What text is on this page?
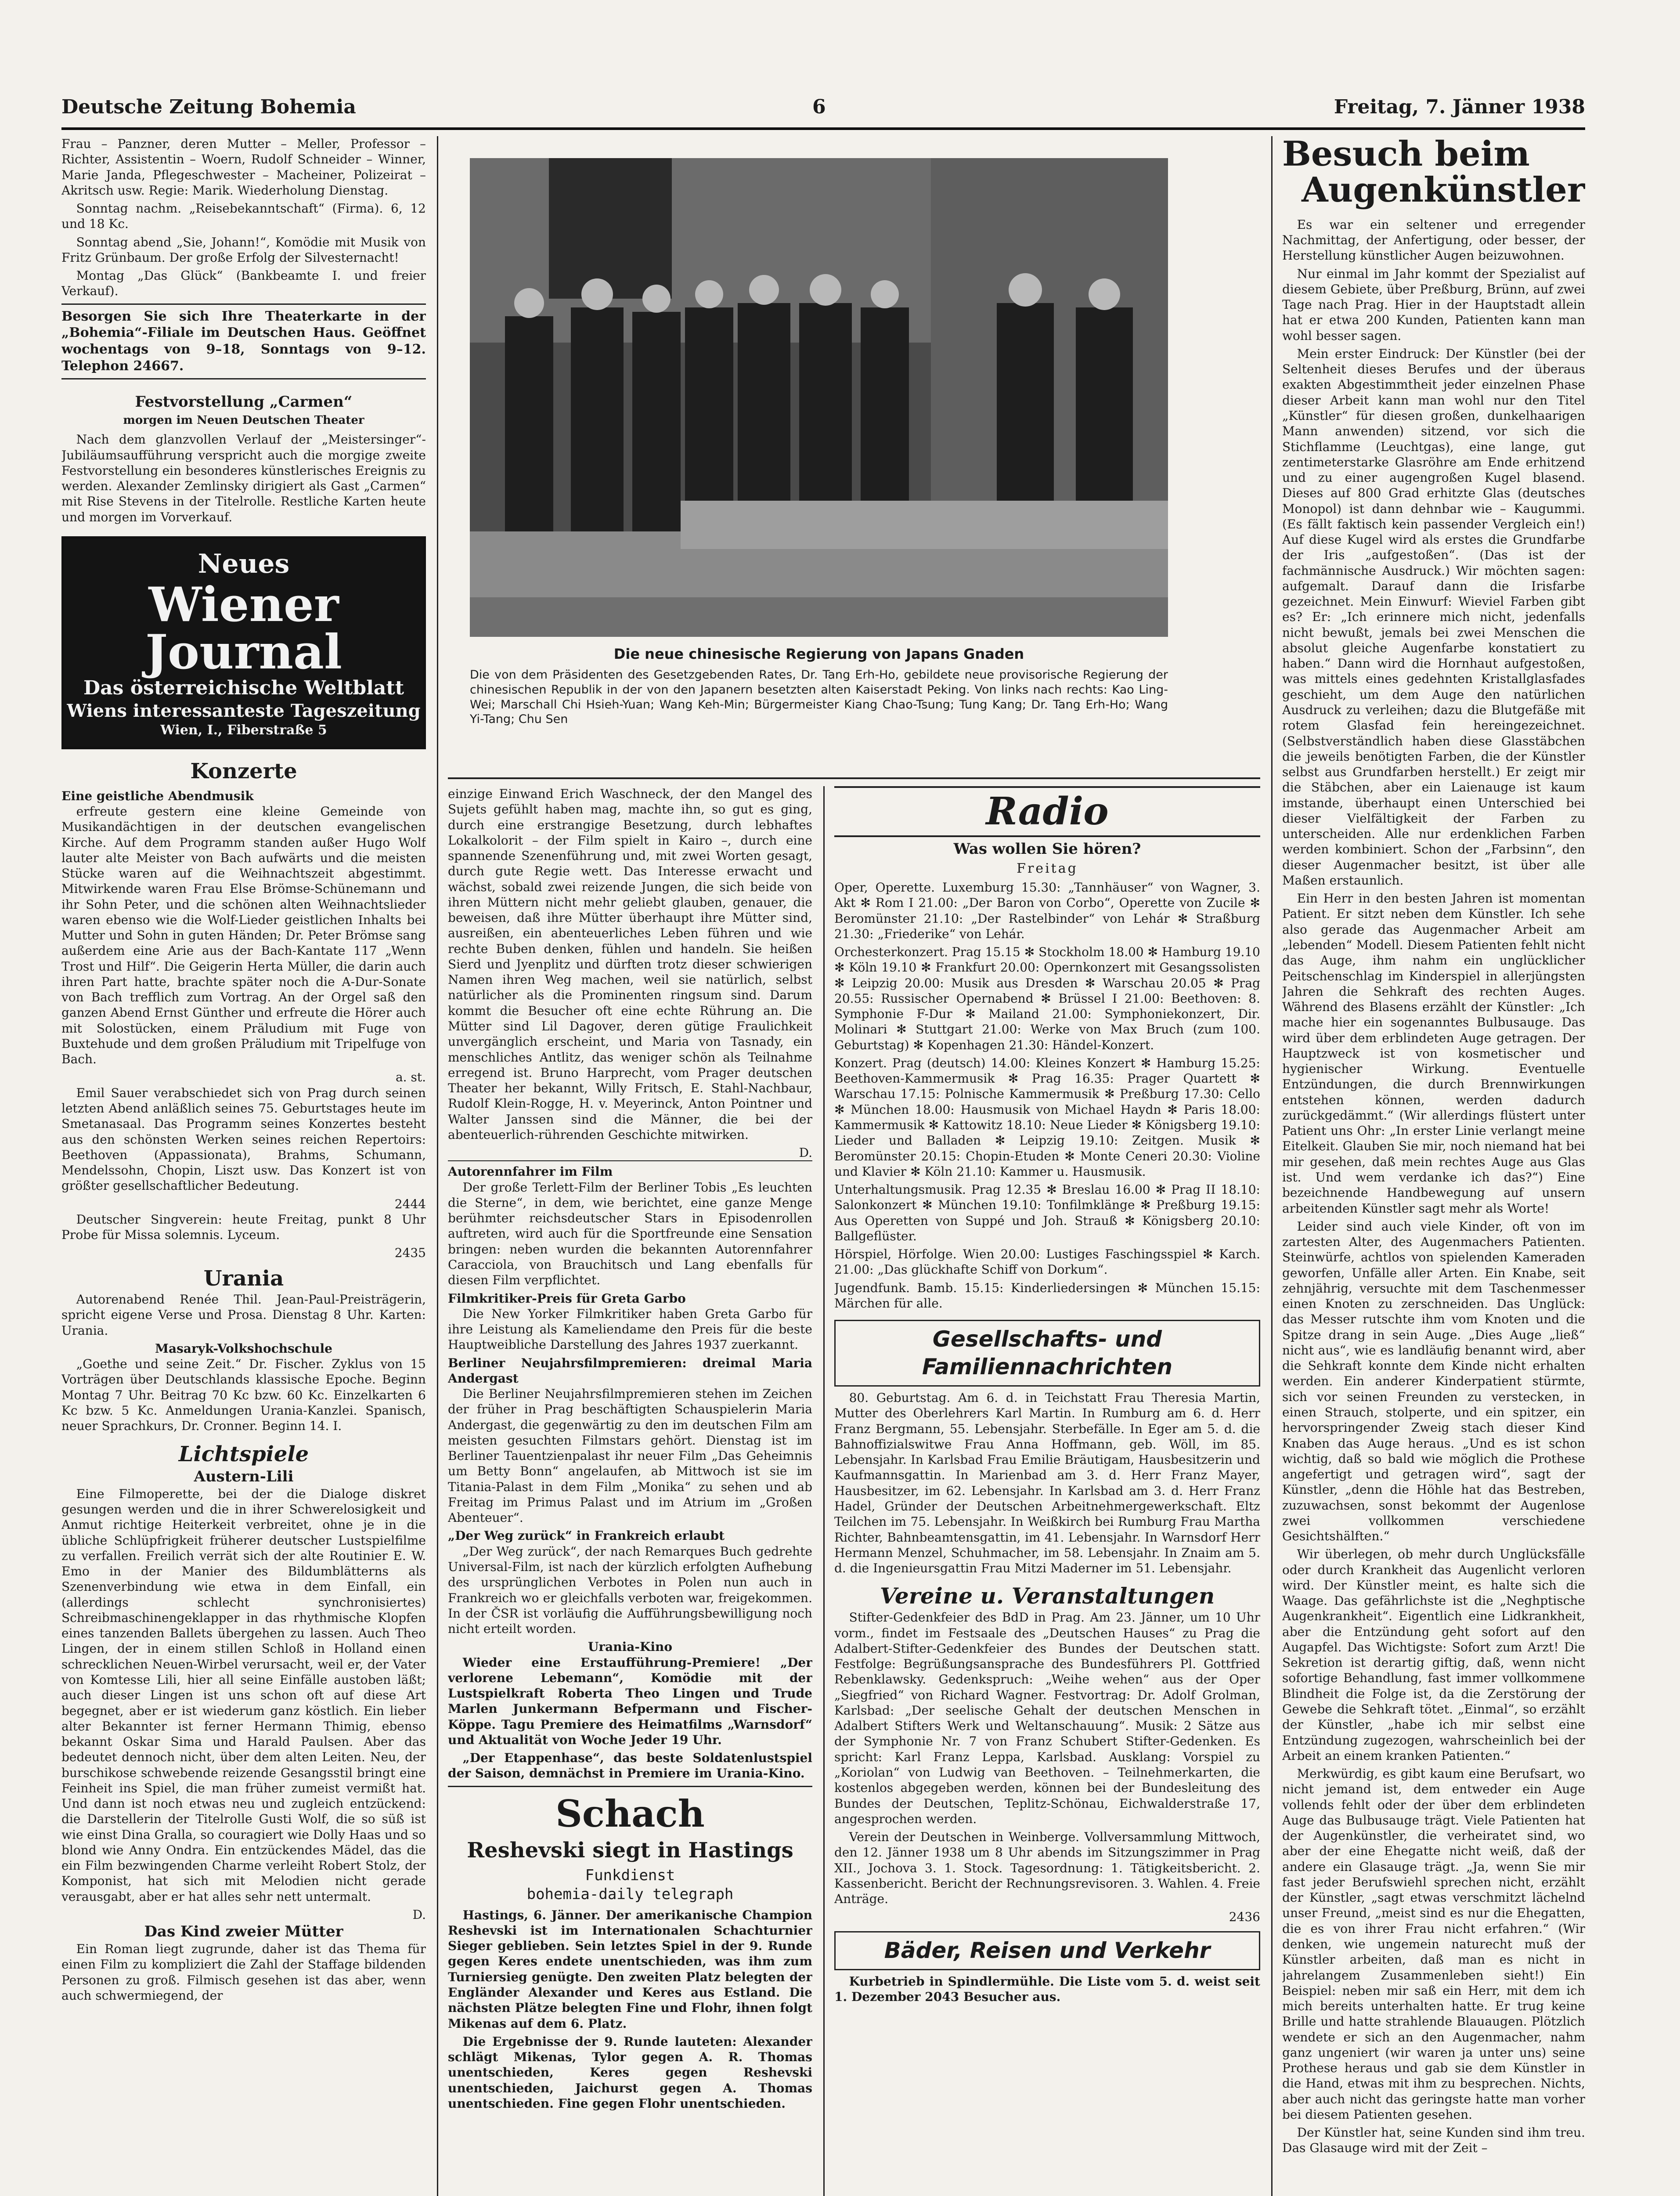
Deutsche Zeitung Bohemia	6	Freitag, 7. Jänner 1938

Frau – Panzner, deren Mutter – Meller, Professor – Richter, Assistentin – Woern, Rudolf Schneider – Winner, Marie Janda, Pflegeschwester – Macheiner, Polizeirat – Akritsch usw. Regie: Marik. Wiederholung Dienstag.

Sonntag nachm. „Reisebekanntschaft“ (Firma). 6, 12 und 18 Kc.

Sonntag abend „Sie, Johann!“, Komödie mit Musik von Fritz Grünbaum. Der große Erfolg der Silvesternacht!

Montag „Das Glück“ (Bankbeamte I. und freier Verkauf).

Besorgen Sie sich Ihre Theaterkarte in der „Bohemia“-Filiale im Deutschen Haus. Geöffnet wochentags von 9–18, Sonntags von 9–12. Telephon 24667.
Festvorstellung „Carmen“
morgen im Neuen Deutschen Theater

Nach dem glanzvollen Verlauf der „Meistersinger“-Jubiläumsaufführung verspricht auch die morgige zweite Festvorstellung ein besonderes künstlerisches Ereignis zu werden. Alexander Zemlinsky dirigiert als Gast „Carmen“ mit Rise Stevens in der Titelrolle. Restliche Karten heute und morgen im Vorverkauf.

Neues
Wiener Journal
Das österreichische Weltblatt
Wiens interessanteste Tageszeitung
Wien, I., Fiberstraße 5
Konzerte
Eine geistliche Abendmusik

erfreute gestern eine kleine Gemeinde von Musikandächtigen in der deutschen evangelischen Kirche. Auf dem Programm standen außer Hugo Wolf lauter alte Meister von Bach aufwärts und die meisten Stücke waren auf die Weihnachtszeit abgestimmt. Mitwirkende waren Frau Else Brömse-Schünemann und ihr Sohn Peter, und die schönen alten Weihnachtslieder waren ebenso wie die Wolf-Lieder geistlichen Inhalts bei Mutter und Sohn in guten Händen; Dr. Peter Brömse sang außerdem eine Arie aus der Bach-Kantate 117 „Wenn Trost und Hilf“. Die Geigerin Herta Müller, die darin auch ihren Part hatte, brachte später noch die A-Dur-Sonate von Bach trefflich zum Vortrag. An der Orgel saß den ganzen Abend Ernst Günther und erfreute die Hörer auch mit Solostücken, einem Präludium mit Fuge von Buxtehude und dem großen Präludium mit Tripelfuge von Bach.

a. st.

Emil Sauer verabschiedet sich von Prag durch seinen letzten Abend anläßlich seines 75. Geburtstages heute im Smetanasaal. Das Programm seines Konzertes besteht aus den schönsten Werken seines reichen Repertoirs: Beethoven (Appassionata), Brahms, Schumann, Mendelssohn, Chopin, Liszt usw. Das Konzert ist von größter gesellschaftlicher Bedeutung.

2444

Deutscher Singverein: heute Freitag, punkt 8 Uhr Probe für Missa solemnis. Lyceum.

2435
Urania

Autorenabend Renée Thil. Jean-Paul-Preisträgerin, spricht eigene Verse und Prosa. Dienstag 8 Uhr. Karten: Urania.

Masaryk-Volkshochschule

„Goethe und seine Zeit.“ Dr. Fischer. Zyklus von 15 Vorträgen über Deutschlands klassische Epoche. Beginn Montag 7 Uhr. Beitrag 70 Kc bzw. 60 Kc. Einzelkarten 6 Kc bzw. 5 Kc. Anmeldungen Urania-Kanzlei. Spanisch, neuer Sprachkurs, Dr. Cronner. Beginn 14. I.

Lichtspiele
Austern-Lili

Eine Filmoperette, bei der die Dialoge diskret gesungen werden und die in ihrer Schwerelosigkeit und Anmut richtige Heiterkeit verbreitet, ohne je in die übliche Schlüpfrigkeit früherer deutscher Lustspielfilme zu verfallen. Freilich verrät sich der alte Routinier E. W. Emo in der Manier des Bildumblätterns als Szenenverbindung wie etwa in dem Einfall, ein (allerdings schlecht synchronisiertes) Schreibmaschinengeklapper in das rhythmische Klopfen eines tanzenden Ballets übergehen zu lassen. Auch Theo Lingen, der in einem stillen Schloß in Holland einen schrecklichen Neuen-Wirbel verursacht, weil er, der Vater von Komtesse Lili, hier all seine Einfälle austoben läßt; auch dieser Lingen ist uns schon oft auf diese Art begegnet, aber er ist wiederum ganz köstlich. Ein lieber alter Bekannter ist ferner Hermann Thimig, ebenso bekannt Oskar Sima und Harald Paulsen. Aber das bedeutet dennoch nicht, über dem alten Leiten. Neu, der burschikose schwebende reizende Gesangsstil bringt eine Feinheit ins Spiel, die man früher zumeist vermißt hat. Und dann ist noch etwas neu und zugleich entzückend: die Darstellerin der Titelrolle Gusti Wolf, die so süß ist wie einst Dina Gralla, so couragiert wie Dolly Haas und so blond wie Anny Ondra. Ein entzückendes Mädel, das die ein Film bezwingenden Charme verleiht Robert Stolz, der Komponist, hat sich mit Melodien nicht gerade verausgabt, aber er hat alles sehr nett untermalt.

D.
Das Kind zweier Mütter

Ein Roman liegt zugrunde, daher ist das Thema für einen Film zu kompliziert die Zahl der Staffage bildenden Personen zu groß. Filmisch gesehen ist das aber, wenn auch schwermiegend, der

Die neue chinesische Regierung von Japans Gnaden
Die von dem Präsidenten des Gesetzgebenden Rates, Dr. Tang Erh-Ho, gebildete neue provisorische Regierung der chinesischen Republik in der von den Japanern besetzten alten Kaiserstadt Peking. Von links nach rechts: Kao Ling-Wei; Marschall Chi Hsieh-Yuan; Wang Keh-Min; Bürgermeister Kiang Chao-Tsung; Tung Kang; Dr. Tang Erh-Ho; Wang Yi-Tang; Chu Sen

einzige Einwand Erich Waschneck, der den Mangel des Sujets gefühlt haben mag, machte ihn, so gut es ging, durch eine erstrangige Besetzung, durch lebhaftes Lokalkolorit – der Film spielt in Kairo –, durch eine spannende Szenenführung und, mit zwei Worten gesagt, durch gute Regie wett. Das Interesse erwacht und wächst, sobald zwei reizende Jungen, die sich beide von ihren Müttern nicht mehr geliebt glauben, genauer, die beweisen, daß ihre Mütter überhaupt ihre Mütter sind, ausreißen, ein abenteuerliches Leben führen und wie rechte Buben denken, fühlen und handeln. Sie heißen Sierd und Jyenplitz und dürften trotz dieser schwierigen Namen ihren Weg machen, weil sie natürlich, selbst natürlicher als die Prominenten ringsum sind. Darum kommt die Besucher oft eine echte Rührung an. Die Mütter sind Lil Dagover, deren gütige Fraulichkeit unvergänglich erscheint, und Maria von Tasnady, ein menschliches Antlitz, das weniger schön als Teilnahme erregend ist. Bruno Harprecht, vom Prager deutschen Theater her bekannt, Willy Fritsch, E. Stahl-Nachbaur, Rudolf Klein-Rogge, H. v. Meyerinck, Anton Pointner und Walter Janssen sind die Männer, die bei der abenteuerlich-rührenden Geschichte mitwirken.

D.
Autorennfahrer im Film

Der große Terlett-Film der Berliner Tobis „Es leuchten die Sterne“, in dem, wie berichtet, eine ganze Menge berühmter reichsdeutscher Stars in Episodenrollen auftreten, wird auch für die Sportfreunde eine Sensation bringen: neben wurden die bekannten Autorennfahrer Caracciola, von Brauchitsch und Lang ebenfalls für diesen Film verpflichtet.

Filmkritiker-Preis für Greta Garbo

Die New Yorker Filmkritiker haben Greta Garbo für ihre Leistung als Kameliendame den Preis für die beste Hauptweibliche Darstellung des Jahres 1937 zuerkannt.

Berliner Neujahrsfilmpremieren: dreimal Maria Andergast

Die Berliner Neujahrsfilmpremieren stehen im Zeichen der früher in Prag beschäftigten Schauspielerin Maria Andergast, die gegenwärtig zu den im deutschen Film am meisten gesuchten Filmstars gehört. Dienstag ist im Berliner Tauentzienpalast ihr neuer Film „Das Geheimnis um Betty Bonn“ angelaufen, ab Mittwoch ist sie im Titania-Palast in dem Film „Monika“ zu sehen und ab Freitag im Primus Palast und im Atrium im „Großen Abenteuer“.

„Der Weg zurück“ in Frankreich erlaubt

„Der Weg zurück“, der nach Remarques Buch gedrehte Universal-Film, ist nach der kürzlich erfolgten Aufhebung des ursprünglichen Verbotes in Polen nun auch in Frankreich wo er gleichfalls verboten war, freigekommen. In der ČSR ist vorläufig die Aufführungsbewilligung noch nicht erteilt worden.

Urania-Kino

Wieder eine Erstaufführung-Premiere! „Der verlorene Lebemann“, Komödie mit der Lustspielkraft Roberta Theo Lingen und Trude Marlen Junkermann Befpermann und Fischer-Köppe. Tagu Premiere des Heimatfilms „Warnsdorf“ und Aktualität von Woche Jeder 19 Uhr.

„Der Etappenhase“, das beste Soldatenlustspiel der Saison, demnächst in Premiere im Urania-Kino.

Schach
Reshevski siegt in Hastings
Funkdienst
bohemia-daily telegraph

Hastings, 6. Jänner. Der amerikanische Champion Reshevski ist im Internationalen Schachturnier Sieger geblieben. Sein letztes Spiel in der 9. Runde gegen Keres endete unentschieden, was ihm zum Turniersieg genügte. Den zweiten Platz belegten der Engländer Alexander und Keres aus Estland. Die nächsten Plätze belegten Fine und Flohr, ihnen folgt Mikenas auf dem 6. Platz.

Die Ergebnisse der 9. Runde lauteten: Alexander schlägt Mikenas, Tylor gegen A. R. Thomas unentschieden, Keres gegen Reshevski unentschieden, Jaichurst gegen A. Thomas unentschieden. Fine gegen Flohr unentschieden.

Radio
Was wollen Sie hören?
Freitag

Oper, Operette. Luxemburg 15.30: „Tannhäuser“ von Wagner, 3. Akt ✻ Rom I 21.00: „Der Baron von Corbo“, Operette von Zucile ✻ Beromünster 21.10: „Der Rastelbinder“ von Lehár ✻ Straßburg 21.30: „Friederike“ von Lehár.

Orchesterkonzert. Prag 15.15 ✻ Stockholm 18.00 ✻ Hamburg 19.10 ✻ Köln 19.10 ✻ Frankfurt 20.00: Opernkonzert mit Gesangssolisten ✻ Leipzig 20.00: Musik aus Dresden ✻ Warschau 20.05 ✻ Prag 20.55: Russischer Opernabend ✻ Brüssel I 21.00: Beethoven: 8. Symphonie F-Dur ✻ Mailand 21.00: Symphoniekonzert, Dir. Molinari ✻ Stuttgart 21.00: Werke von Max Bruch (zum 100. Geburtstag) ✻ Kopenhagen 21.30: Händel-Konzert.

Konzert. Prag (deutsch) 14.00: Kleines Konzert ✻ Hamburg 15.25: Beethoven-Kammermusik ✻ Prag 16.35: Prager Quartett ✻ Warschau 17.15: Polnische Kammermusik ✻ Preßburg 17.30: Cello ✻ München 18.00: Hausmusik von Michael Haydn ✻ Paris 18.00: Kammermusik ✻ Kattowitz 18.10: Neue Lieder ✻ Königsberg 19.10: Lieder und Balladen ✻ Leipzig 19.10: Zeitgen. Musik ✻ Beromünster 20.15: Chopin-Etuden ✻ Monte Ceneri 20.30: Violine und Klavier ✻ Köln 21.10: Kammer u. Hausmusik.

Unterhaltungsmusik. Prag 12.35 ✻ Breslau 16.00 ✻ Prag II 18.10: Salonkonzert ✻ München 19.10: Tonfilmklänge ✻ Preßburg 19.15: Aus Operetten von Suppé und Joh. Strauß ✻ Königsberg 20.10: Ballgeflüster.

Hörspiel, Hörfolge. Wien 20.00: Lustiges Faschingsspiel ✻ Karch. 21.00: „Das glückhafte Schiff von Dorkum“.

Jugendfunk. Bamb. 15.15: Kinderliedersingen ✻ München 15.15: Märchen für alle.

Gesellschafts- und Familiennachrichten

80. Geburtstag. Am 6. d. in Teichstatt Frau Theresia Martin, Mutter des Oberlehrers Karl Martin. In Rumburg am 6. d. Herr Franz Bergmann, 55. Lebensjahr. Sterbefälle. In Eger am 5. d. die Bahnoffizialswitwe Frau Anna Hoffmann, geb. Wöll, im 85. Lebensjahr. In Karlsbad Frau Emilie Bräutigam, Hausbesitzerin und Kaufmannsgattin. In Marienbad am 3. d. Herr Franz Mayer, Hausbesitzer, im 62. Lebensjahr. In Karlsbad am 3. d. Herr Franz Hadel, Gründer der Deutschen Arbeitnehmergewerkschaft. Eltz Teilchen im 75. Lebensjahr. In Weißkirch bei Rumburg Frau Martha Richter, Bahnbeamtensgattin, im 41. Lebensjahr. In Warnsdorf Herr Hermann Menzel, Schuhmacher, im 58. Lebensjahr. In Znaim am 5. d. die Ingenieursgattin Frau Mitzi Maderner im 51. Lebensjahr.

Vereine u. Veranstaltungen

Stifter-Gedenkfeier des BdD in Prag. Am 23. Jänner, um 10 Uhr vorm., findet im Festsaale des „Deutschen Hauses“ zu Prag die Adalbert-Stifter-Gedenkfeier des Bundes der Deutschen statt. Festfolge: Begrüßungsansprache des Bundesführers Pl. Gottfried Rebenklawsky. Gedenkspruch: „Weihe wehen“ aus der Oper „Siegfried“ von Richard Wagner. Festvortrag: Dr. Adolf Grolman, Karlsbad: „Der seelische Gehalt der deutschen Menschen in Adalbert Stifters Werk und Weltanschauung“. Musik: 2 Sätze aus der Symphonie Nr. 7 von Franz Schubert Stifter-Gedenken. Es spricht: Karl Franz Leppa, Karlsbad. Ausklang: Vorspiel zu „Koriolan“ von Ludwig van Beethoven. – Teilnehmerkarten, die kostenlos abgegeben werden, können bei der Bundesleitung des Bundes der Deutschen, Teplitz-Schönau, Eichwalderstraße 17, angesprochen werden.

Verein der Deutschen in Weinberge. Vollversammlung Mittwoch, den 12. Jänner 1938 um 8 Uhr abends im Sitzungszimmer in Prag XII., Jochova 3. 1. Stock. Tagesordnung: 1. Tätigkeitsbericht. 2. Kassenbericht. Bericht der Rechnungsrevisoren. 3. Wahlen. 4. Freie Anträge.

2436
Bäder, Reisen und Verkehr

Kurbetrieb in Spindlermühle. Die Liste vom 5. d. weist seit 1. Dezember 2043 Besucher aus.

Besuch beim
Augenkünstler

Es war ein seltener und erregender Nachmittag, der Anfertigung, oder besser, der Herstellung künstlicher Augen beizuwohnen.

Nur einmal im Jahr kommt der Spezialist auf diesem Gebiete, über Preßburg, Brünn, auf zwei Tage nach Prag. Hier in der Hauptstadt allein hat er etwa 200 Kunden, Patienten kann man wohl besser sagen.

Mein erster Eindruck: Der Künstler (bei der Seltenheit dieses Berufes und der überaus exakten Abgestimmtheit jeder einzelnen Phase dieser Arbeit kann man wohl nur den Titel „Künstler“ für diesen großen, dunkelhaarigen Mann anwenden) sitzend, vor sich die Stichflamme (Leuchtgas), eine lange, gut zentimeterstarke Glasröhre am Ende erhitzend und zu einer augengroßen Kugel blasend. Dieses auf 800 Grad erhitzte Glas (deutsches Monopol) ist dann dehnbar wie – Kaugummi. (Es fällt faktisch kein passender Vergleich ein!) Auf diese Kugel wird als erstes die Grundfarbe der Iris „aufgestoßen“. (Das ist der fachmännische Ausdruck.) Wir möchten sagen: aufgemalt. Darauf dann die Irisfarbe gezeichnet. Mein Einwurf: Wieviel Farben gibt es? Er: „Ich erinnere mich nicht, jedenfalls nicht bewußt, jemals bei zwei Menschen die absolut gleiche Augenfarbe konstatiert zu haben.“ Dann wird die Hornhaut aufgestoßen, was mittels eines gedehnten Kristallglasfades geschieht, um dem Auge den natürlichen Ausdruck zu verleihen; dazu die Blutgefäße mit rotem Glasfad fein hereingezeichnet. (Selbstverständlich haben diese Glasstäbchen die jeweils benötigten Farben, die der Künstler selbst aus Grundfarben herstellt.) Er zeigt mir die Stäbchen, aber ein Laienauge ist kaum imstande, überhaupt einen Unterschied bei dieser Vielfältigkeit der Farben zu unterscheiden. Alle nur erdenklichen Farben werden kombiniert. Schon der „Farbsinn“, den dieser Augenmacher besitzt, ist über alle Maßen erstaunlich.

Ein Herr in den besten Jahren ist momentan Patient. Er sitzt neben dem Künstler. Ich sehe also gerade das Augenmacher Arbeit am „lebenden“ Modell. Diesem Patienten fehlt nicht das Auge, ihm nahm ein unglücklicher Peitschenschlag im Kinderspiel in allerjüngsten Jahren die Sehkraft des rechten Auges. Während des Blasens erzählt der Künstler: „Ich mache hier ein sogenanntes Bulbusauge. Das wird über dem erblindeten Auge getragen. Der Hauptzweck ist von kosmetischer und hygienischer Wirkung. Eventuelle Entzündungen, die durch Brennwirkungen entstehen können, werden dadurch zurückgedämmt.“ (Wir allerdings flüstert unter Patient uns Ohr: „In erster Linie verlangt meine Eitelkeit. Glauben Sie mir, noch niemand hat bei mir gesehen, daß mein rechtes Auge aus Glas ist. Und wem verdanke ich das?“) Eine bezeichnende Handbewegung auf unsern arbeitenden Künstler sagt mehr als Worte!

Leider sind auch viele Kinder, oft von im zartesten Alter, des Augenmachers Patienten. Steinwürfe, achtlos von spielenden Kameraden geworfen, Unfälle aller Arten. Ein Knabe, seit zehnjährig, versuchte mit dem Taschenmesser einen Knoten zu zerschneiden. Das Unglück: das Messer rutschte ihm vom Knoten und die Spitze drang in sein Auge. „Dies Auge „ließ“ nicht aus“, wie es landläufig benannt wird, aber die Sehkraft konnte dem Kinde nicht erhalten werden. Ein anderer Kinderpatient stürmte, sich vor seinen Freunden zu verstecken, in einen Strauch, stolperte, und ein spitzer, ein hervorspringender Zweig stach dieser Kind Knaben das Auge heraus. „Und es ist schon wichtig, daß so bald wie möglich die Prothese angefertigt und getragen wird“, sagt der Künstler, „denn die Höhle hat das Bestreben, zuzuwachsen, sonst bekommt der Augenlose zwei vollkommen verschiedene Gesichtshälften.“

Wir überlegen, ob mehr durch Unglücksfälle oder durch Krankheit das Augenlicht verloren wird. Der Künstler meint, es halte sich die Waage. Das gefährlichste ist die „Neghptische Augenkrankheit“. Eigentlich eine Lidkrankheit, aber die Entzündung geht sofort auf den Augapfel. Das Wichtigste: Sofort zum Arzt! Die Sekretion ist derartig giftig, daß, wenn nicht sofortige Behandlung, fast immer vollkommene Blindheit die Folge ist, da die Zerstörung der Gewebe die Sehkraft tötet. „Einmal“, so erzählt der Künstler, „habe ich mir selbst eine Entzündung zugezogen, wahrscheinlich bei der Arbeit an einem kranken Patienten.“

Merkwürdig, es gibt kaum eine Berufsart, wo nicht jemand ist, dem entweder ein Auge vollends fehlt oder der über dem erblindeten Auge das Bulbusauge trägt. Viele Patienten hat der Augenkünstler, die verheiratet sind, wo aber der eine Ehegatte nicht weiß, daß der andere ein Glasauge trägt. „Ja, wenn Sie mir fast jeder Berufswiehl sprechen nicht, erzählt der Künstler, „sagt etwas verschmitzt lächelnd unser Freund, „meist sind es nur die Ehegatten, die es von ihrer Frau nicht erfahren.“ (Wir denken, wie ungemein naturecht muß der Künstler arbeiten, daß man es nicht in jahrelangem Zusammenleben sieht!) Ein Beispiel: neben mir saß ein Herr, mit dem ich mich bereits unterhalten hatte. Er trug keine Brille und hatte strahlende Blauaugen. Plötzlich wendete er sich an den Augenmacher, nahm ganz ungeniert (wir waren ja unter uns) seine Prothese heraus und gab sie dem Künstler in die Hand, etwas mit ihm zu besprechen. Nichts, aber auch nicht das geringste hatte man vorher bei diesem Patienten gesehen.

Der Künstler hat, seine Kunden sind ihm treu. Das Glasauge wird mit der Zeit –
